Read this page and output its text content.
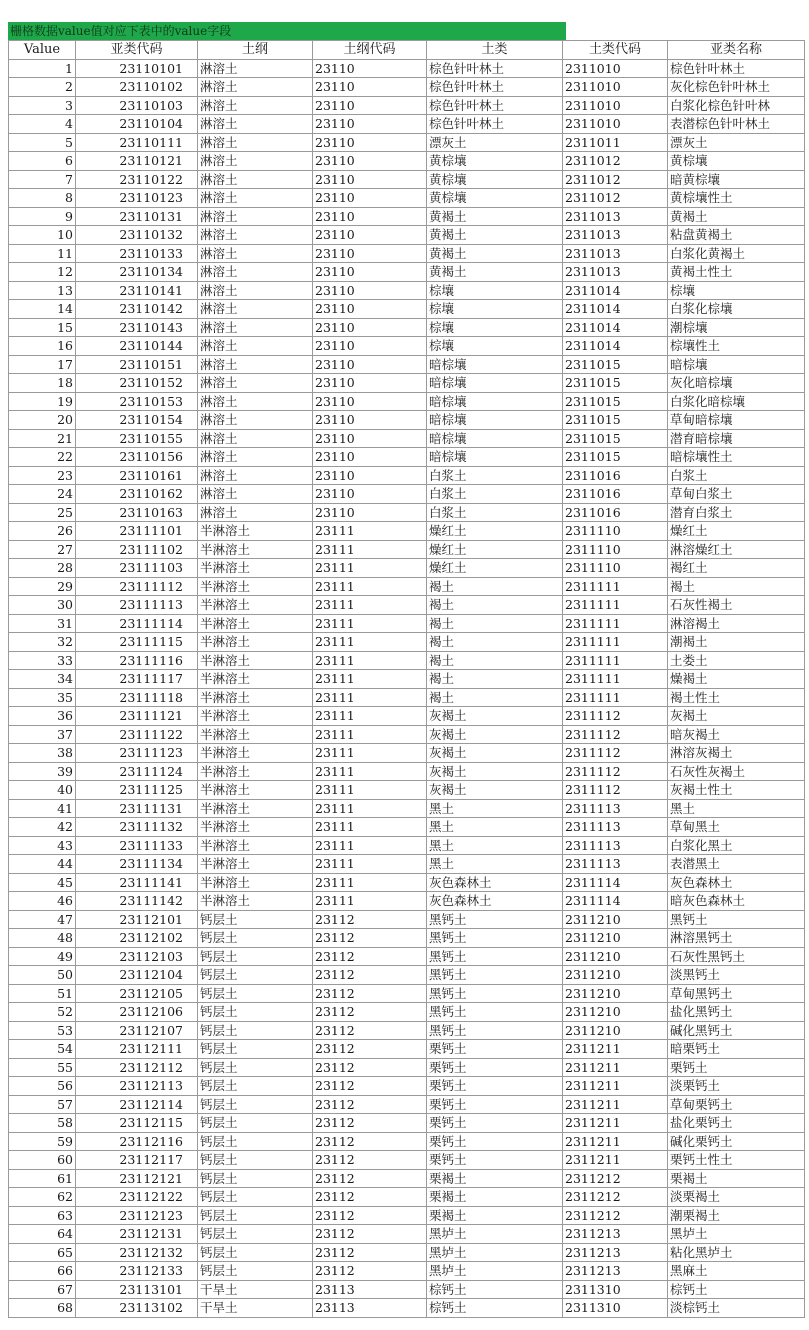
栅格数据value值对应下表中的value字段
Value	亚类代码	土纲	土纲代码	土类	土类代码	亚类名称
1	23110101	淋溶土	23110	棕色针叶林土	2311010	棕色针叶林土
2	23110102	淋溶土	23110	棕色针叶林土	2311010	灰化棕色针叶林土
3	23110103	淋溶土	23110	棕色针叶林土	2311010	白浆化棕色针叶林
4	23110104	淋溶土	23110	棕色针叶林土	2311010	表潜棕色针叶林土
5	23110111	淋溶土	23110	漂灰土	2311011	漂灰土
6	23110121	淋溶土	23110	黄棕壤	2311012	黄棕壤
7	23110122	淋溶土	23110	黄棕壤	2311012	暗黄棕壤
8	23110123	淋溶土	23110	黄棕壤	2311012	黄棕壤性土
9	23110131	淋溶土	23110	黄褐土	2311013	黄褐土
10	23110132	淋溶土	23110	黄褐土	2311013	粘盘黄褐土
11	23110133	淋溶土	23110	黄褐土	2311013	白浆化黄褐土
12	23110134	淋溶土	23110	黄褐土	2311013	黄褐土性土
13	23110141	淋溶土	23110	棕壤	2311014	棕壤
14	23110142	淋溶土	23110	棕壤	2311014	白浆化棕壤
15	23110143	淋溶土	23110	棕壤	2311014	潮棕壤
16	23110144	淋溶土	23110	棕壤	2311014	棕壤性土
17	23110151	淋溶土	23110	暗棕壤	2311015	暗棕壤
18	23110152	淋溶土	23110	暗棕壤	2311015	灰化暗棕壤
19	23110153	淋溶土	23110	暗棕壤	2311015	白浆化暗棕壤
20	23110154	淋溶土	23110	暗棕壤	2311015	草甸暗棕壤
21	23110155	淋溶土	23110	暗棕壤	2311015	潜育暗棕壤
22	23110156	淋溶土	23110	暗棕壤	2311015	暗棕壤性土
23	23110161	淋溶土	23110	白浆土	2311016	白浆土
24	23110162	淋溶土	23110	白浆土	2311016	草甸白浆土
25	23110163	淋溶土	23110	白浆土	2311016	潜育白浆土
26	23111101	半淋溶土	23111	燥红土	2311110	燥红土
27	23111102	半淋溶土	23111	燥红土	2311110	淋溶燥红土
28	23111103	半淋溶土	23111	燥红土	2311110	褐红土
29	23111112	半淋溶土	23111	褐土	2311111	褐土
30	23111113	半淋溶土	23111	褐土	2311111	石灰性褐土
31	23111114	半淋溶土	23111	褐土	2311111	淋溶褐土
32	23111115	半淋溶土	23111	褐土	2311111	潮褐土
33	23111116	半淋溶土	23111	褐土	2311111	土娄土
34	23111117	半淋溶土	23111	褐土	2311111	燥褐土
35	23111118	半淋溶土	23111	褐土	2311111	褐土性土
36	23111121	半淋溶土	23111	灰褐土	2311112	灰褐土
37	23111122	半淋溶土	23111	灰褐土	2311112	暗灰褐土
38	23111123	半淋溶土	23111	灰褐土	2311112	淋溶灰褐土
39	23111124	半淋溶土	23111	灰褐土	2311112	石灰性灰褐土
40	23111125	半淋溶土	23111	灰褐土	2311112	灰褐土性土
41	23111131	半淋溶土	23111	黑土	2311113	黑土
42	23111132	半淋溶土	23111	黑土	2311113	草甸黑土
43	23111133	半淋溶土	23111	黑土	2311113	白浆化黑土
44	23111134	半淋溶土	23111	黑土	2311113	表潜黑土
45	23111141	半淋溶土	23111	灰色森林土	2311114	灰色森林土
46	23111142	半淋溶土	23111	灰色森林土	2311114	暗灰色森林土
47	23112101	钙层土	23112	黑钙土	2311210	黑钙土
48	23112102	钙层土	23112	黑钙土	2311210	淋溶黑钙土
49	23112103	钙层土	23112	黑钙土	2311210	石灰性黑钙土
50	23112104	钙层土	23112	黑钙土	2311210	淡黑钙土
51	23112105	钙层土	23112	黑钙土	2311210	草甸黑钙土
52	23112106	钙层土	23112	黑钙土	2311210	盐化黑钙土
53	23112107	钙层土	23112	黑钙土	2311210	碱化黑钙土
54	23112111	钙层土	23112	栗钙土	2311211	暗栗钙土
55	23112112	钙层土	23112	栗钙土	2311211	栗钙土
56	23112113	钙层土	23112	栗钙土	2311211	淡栗钙土
57	23112114	钙层土	23112	栗钙土	2311211	草甸栗钙土
58	23112115	钙层土	23112	栗钙土	2311211	盐化栗钙土
59	23112116	钙层土	23112	栗钙土	2311211	碱化栗钙土
60	23112117	钙层土	23112	栗钙土	2311211	栗钙土性土
61	23112121	钙层土	23112	栗褐土	2311212	栗褐土
62	23112122	钙层土	23112	栗褐土	2311212	淡栗褐土
63	23112123	钙层土	23112	栗褐土	2311212	潮栗褐土
64	23112131	钙层土	23112	黑垆土	2311213	黑垆土
65	23112132	钙层土	23112	黑垆土	2311213	粘化黑垆土
66	23112133	钙层土	23112	黑垆土	2311213	黑麻土
67	23113101	干旱土	23113	棕钙土	2311310	棕钙土
68	23113102	干旱土	23113	棕钙土	2311310	淡棕钙土
